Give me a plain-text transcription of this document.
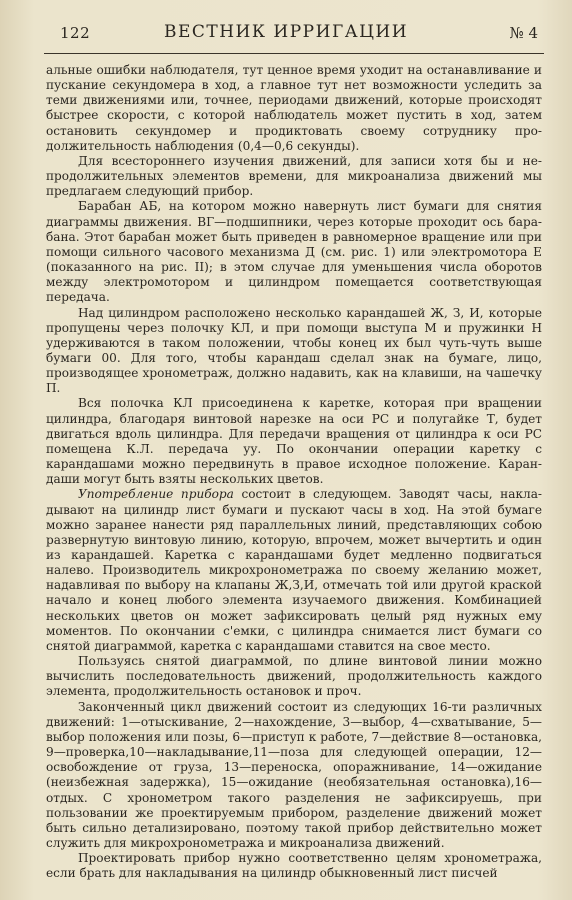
122	ВЕСТНИК ИРРИГАЦИИ	№ 4

альные ошибки наблюдателя, тут ценное время уходит на останавливание и пускание секундомера в ход, а главное тут нет возможности уследить за теми движениями или, точнее, периодами движений, которые происходят быстрее скорости, с которой наблюдатель может пустить в ход, затем остановить секундомер и продиктовать своему сотруднику продолжительность наблюдения (0,4—0,6 секунды).

Для всестороннего изучения движений, для записи хотя бы и непродолжительных элементов времени, для микроанализа движений мы предлагаем следующий прибор.

Барабан АБ, на котором можно навернуть лист бумаги для снятия диаграммы движения. ВГ—подшипники, через которые проходит ось барабана. Этот барабан может быть приведен в равномерное вращение или при помощи сильного часового механизма Д (см. рис. 1) или электромотора Е (показанного на рис. II); в этом случае для уменьшения числа оборотов между электромотором и цилиндром помещается соответствующая передача.

Над цилиндром расположено несколько карандашей Ж, З, И, которые пропущены через полочку КЛ, и при помощи выступа М и пружинки Н удерживаются в таком положении, чтобы конец их был чуть-чуть выше бумаги 00. Для того, чтобы карандаш сделал знак на бумаге, лицо, производящее хронометраж, должно надавить, как на клавиши, на чашечку П.

Вся полочка КЛ присоединена к каретке, которая при вращении цилиндра, благодаря винтовой нарезке на оси РС и полугайке Т, будет двигаться вдоль цилиндра. Для передачи вращения от цилиндра к оси РС помещена К.Л. передача уу. По окончании операции каретку с карандашами можно передвинуть в правое исходное положение. Карандаши могут быть взяты нескольких цветов.

Употребление прибора состоит в следующем. Заводят часы, накладывают на цилиндр лист бумаги и пускают часы в ход. На этой бумаге можно заранее нанести ряд параллельных линий, представляющих собою развернутую винтовую линию, которую, впрочем, может вычертить и один из карандашей. Каретка с карандашами будет медленно подвигаться налево. Производитель микрохронометража по своему желанию может, надавливая по выбору на клапаны Ж,З,И, отмечать той или другой краской начало и конец любого элемента изучаемого движения. Комбинацией нескольких цветов он может зафиксировать целый ряд нужных ему моментов. По окончании с'емки, с цилиндра снимается лист бумаги со снятой диаграммой, каретка с карандашами ставится на свое место.

Пользуясь снятой диаграммой, по длине винтовой линии можно вычислить последовательность движений, продолжительность каждого элемента, продолжительность остановок и проч.

Законченный цикл движений состоит из следующих 16-ти различных движений: 1—отыскивание, 2—нахождение, 3—выбор, 4—схватывание, 5—выбор положения или позы, 6—приступ к работе, 7—действие 8—остановка, 9—проверка,10—накладывание,11—поза для следующей операции, 12—освобождение от груза, 13—переноска, опоражнивание, 14—ожидание (неизбежная задержка), 15—ожидание (необязательная остановка),16—отдых. С хронометром такого разделения не зафиксируешь, при пользовании же проектируемым прибором, разделение движений может быть сильно детализировано, поэтому такой прибор действительно может служить для микрохронометража и микроанализа движений.

Проектировать прибор нужно соответственно целям хронометража, если брать для накладывания на цилиндр обыкновенный лист писчей
